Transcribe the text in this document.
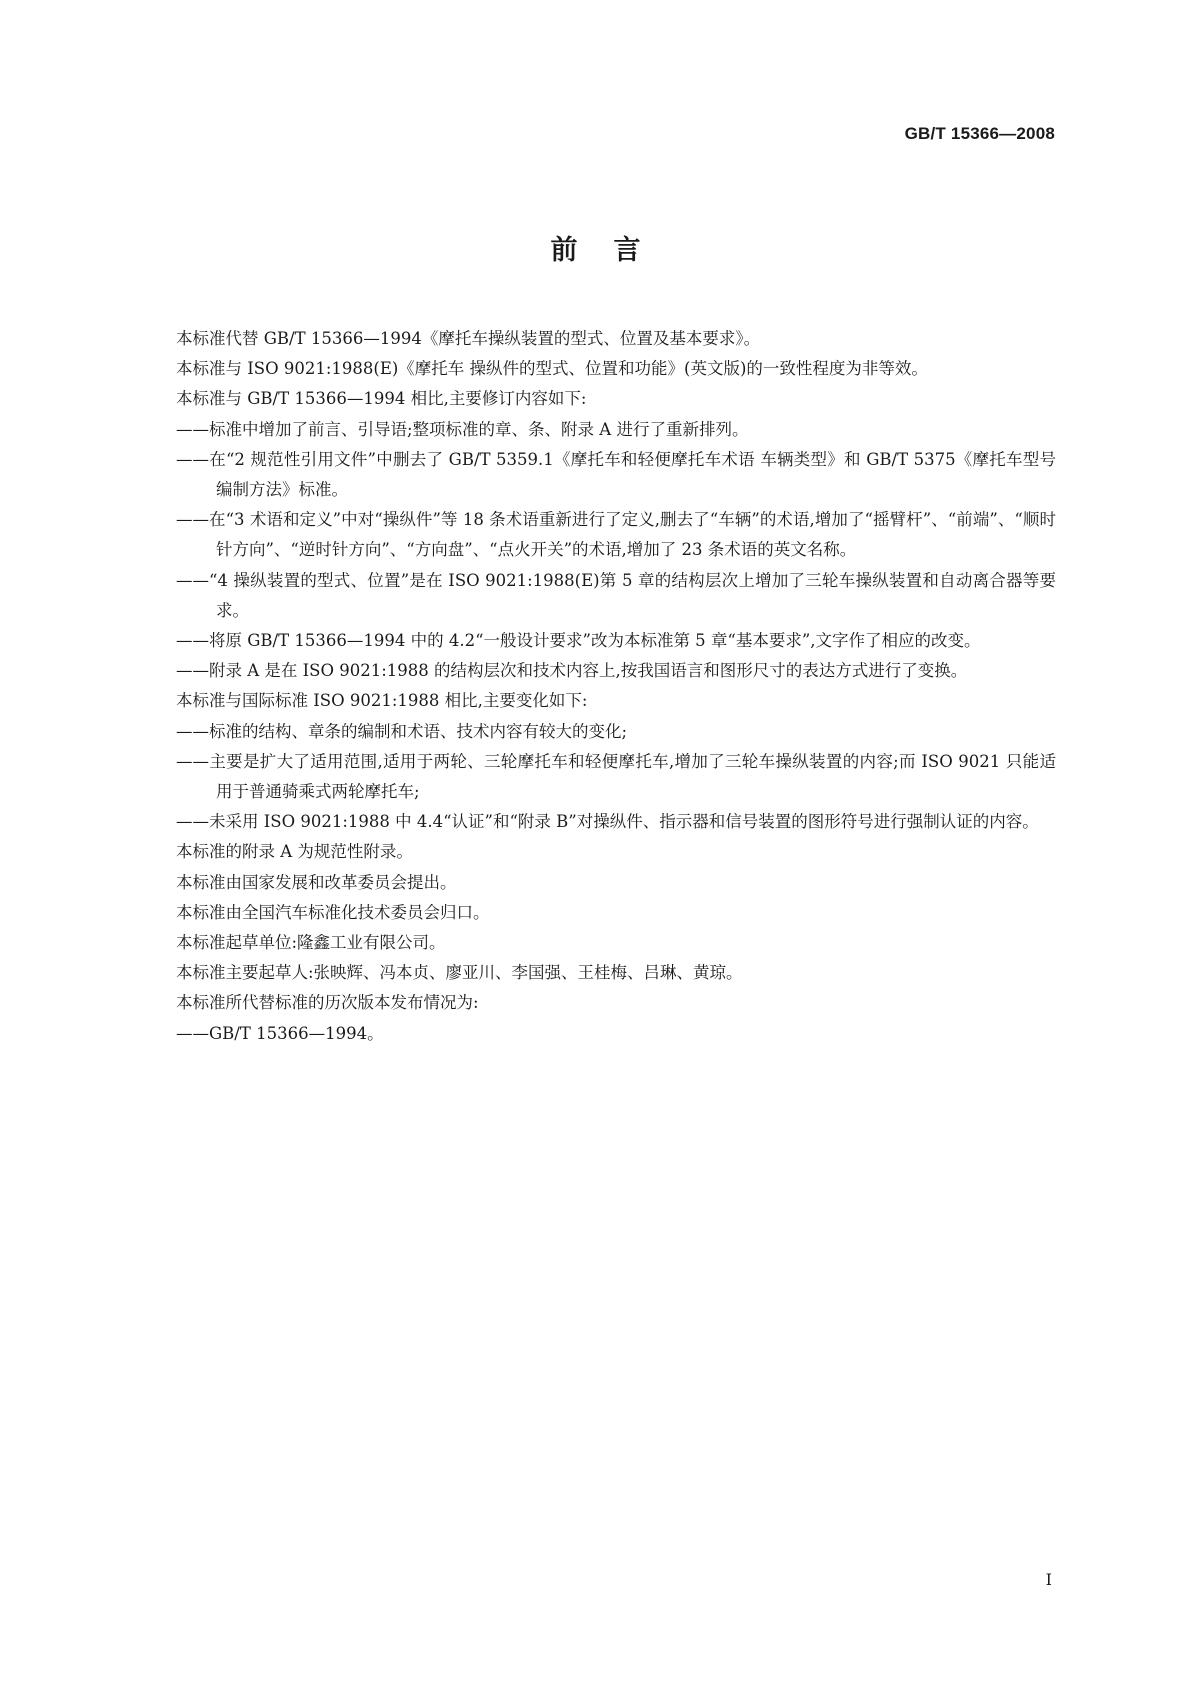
GB/T 15366—2008
前言

本标准代替 GB/T 15366—1994《摩托车操纵装置的型式、位置及基本要求》。

本标准与 ISO 9021:1988(E)《摩托车 操纵件的型式、位置和功能》(英文版)的一致性程度为非等效。

本标准与 GB/T 15366—1994 相比,主要修订内容如下:

——标准中增加了前言、引导语;整项标准的章、条、附录 A 进行了重新排列。

——在“2 规范性引用文件”中删去了 GB/T 5359.1《摩托车和轻便摩托车术语 车辆类型》和 GB/T 5375《摩托车型号编制方法》标准。

——在“3 术语和定义”中对“操纵件”等 18 条术语重新进行了定义,删去了“车辆”的术语,增加了“摇臂杆”、“前端”、“顺时针方向”、“逆时针方向”、“方向盘”、“点火开关”的术语,增加了 23 条术语的英文名称。

——“4 操纵装置的型式、位置”是在 ISO 9021:1988(E)第 5 章的结构层次上增加了三轮车操纵装置和自动离合器等要求。

——将原 GB/T 15366—1994 中的 4.2“一般设计要求”改为本标准第 5 章“基本要求”,文字作了相应的改变。

——附录 A 是在 ISO 9021:1988 的结构层次和技术内容上,按我国语言和图形尺寸的表达方式进行了变换。

本标准与国际标准 ISO 9021:1988 相比,主要变化如下:

——标准的结构、章条的编制和术语、技术内容有较大的变化;

——主要是扩大了适用范围,适用于两轮、三轮摩托车和轻便摩托车,增加了三轮车操纵装置的内容;而 ISO 9021 只能适用于普通骑乘式两轮摩托车;

——未采用 ISO 9021:1988 中 4.4“认证”和“附录 B”对操纵件、指示器和信号装置的图形符号进行强制认证的内容。

本标准的附录 A 为规范性附录。

本标准由国家发展和改革委员会提出。

本标准由全国汽车标准化技术委员会归口。

本标准起草单位:隆鑫工业有限公司。

本标准主要起草人:张映辉、冯本贞、廖亚川、李国强、王桂梅、吕琳、黄琼。

本标准所代替标准的历次版本发布情况为:

——GB/T 15366—1994。

I
